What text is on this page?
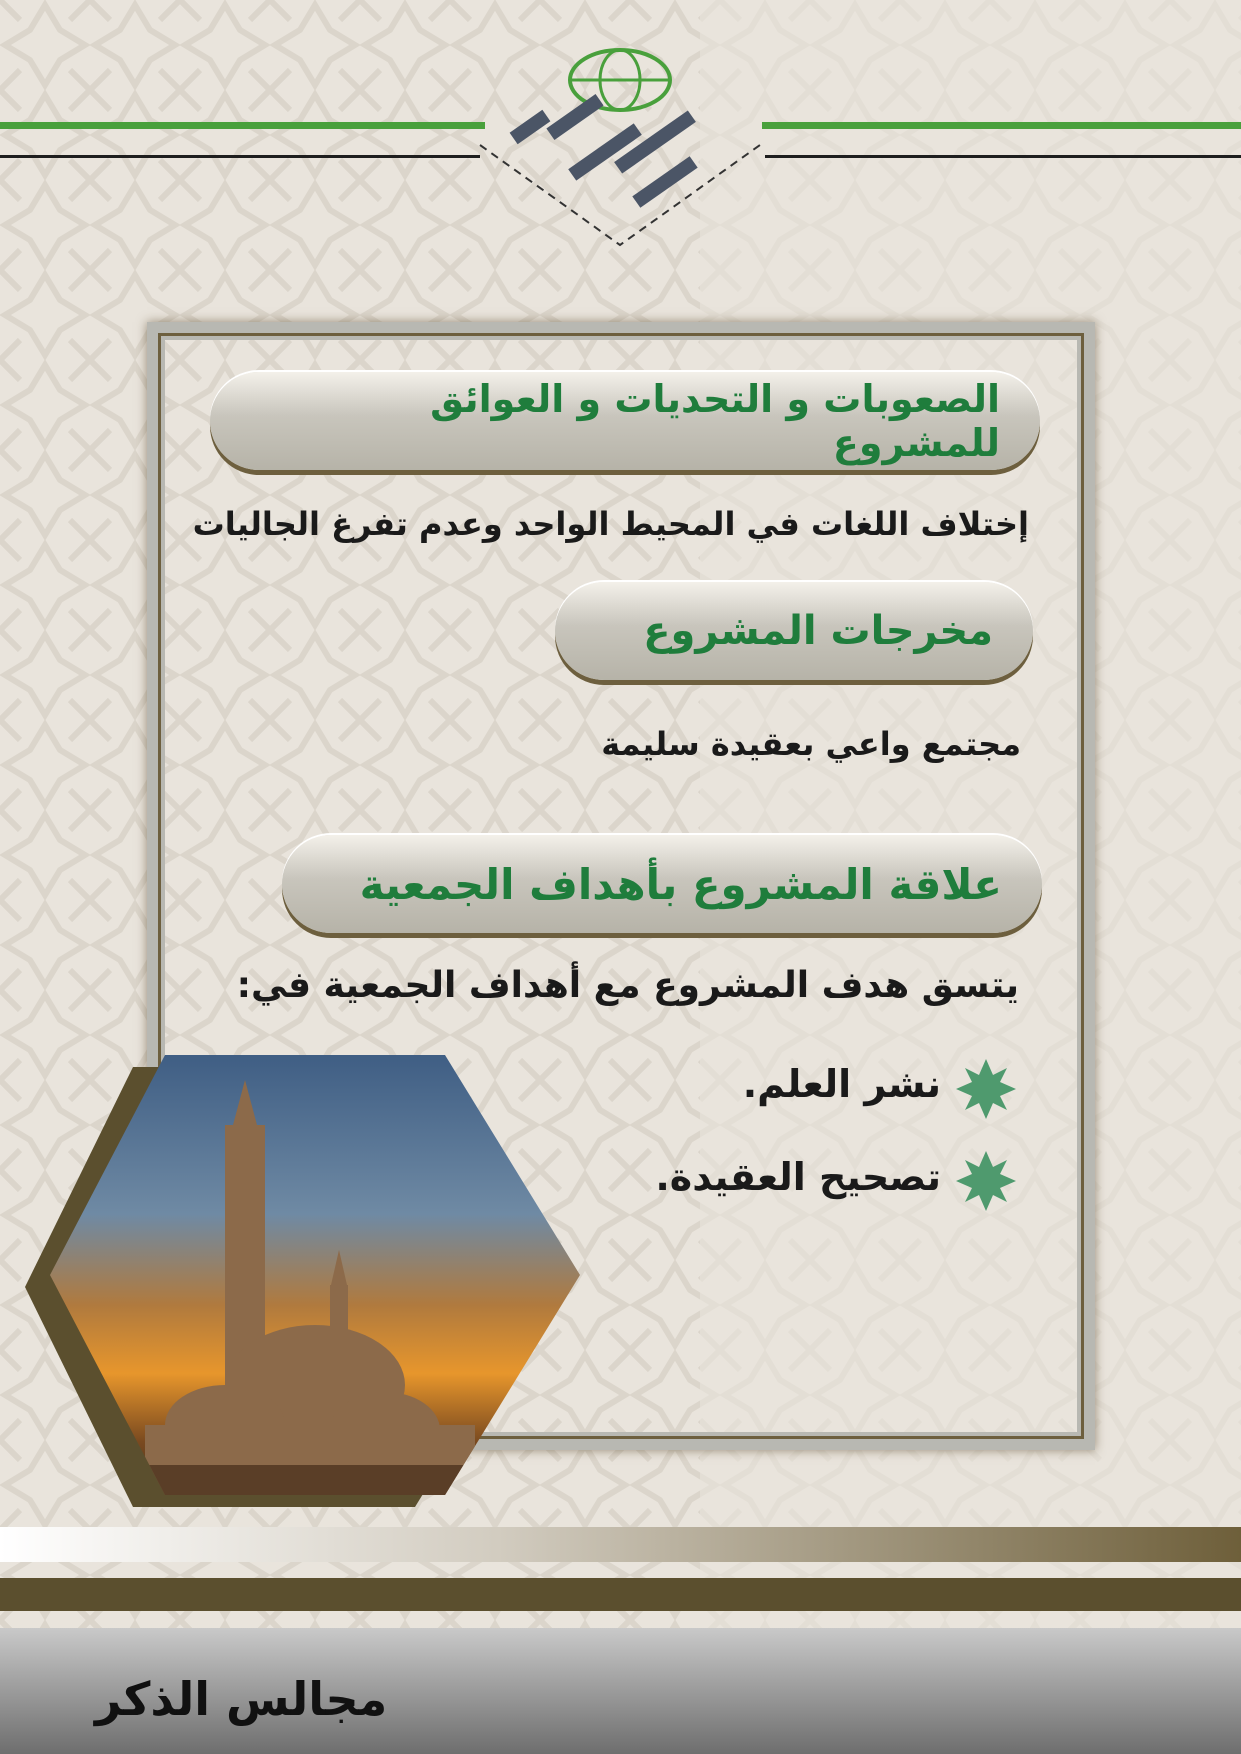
عرب رواد
الصعوبات و التحديات و العوائق للمشروع
إختلاف اللغات في المحيط الواحد وعدم تفرغ الجاليات
مخرجات المشروع
مجتمع واعي بعقيدة سليمة
علاقة المشروع بأهداف الجمعية
يتسق هدف المشروع مع أهداف الجمعية في:
نشر العلم.
تصحيح العقيدة.
مجالس الذكر
